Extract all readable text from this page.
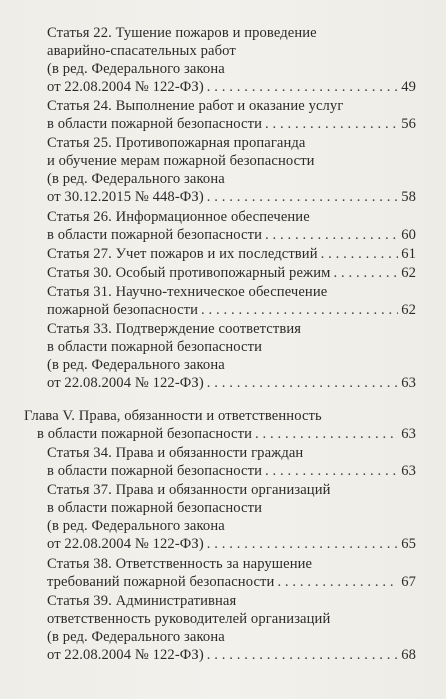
Статья 22. Тушение пожаров и проведение
аварийно-спасательных работ
(в ред. Федерального закона
от 22.08.2004 № 122-ФЗ) . . .	49
Статья 24. Выполнение работ и оказание услуг
в области пожарной безопасности . . .	56
Статья 25. Противопожарная пропаганда
и обучение мерам пожарной безопасности
(в ред. Федерального закона
от 30.12.2015 № 448-ФЗ) . . .	58
Статья 26. Информационное обеспечение
в области пожарной безопасности . . .	60
Статья 27. Учет пожаров и их последствий . . .	61
Статья 30. Особый противопожарный режим . . .	62
Статья 31. Научно-техническое обеспечение
пожарной безопасности . . .	62
Статья 33. Подтверждение соответствия
в области пожарной безопасности
(в ред. Федерального закона
от 22.08.2004 № 122-ФЗ) . . .	63
Глава V. Права, обязанности и ответственность
в области пожарной безопасности . . .	63
Статья 34. Права и обязанности граждан
в области пожарной безопасности . . .	63
Статья 37. Права и обязанности организаций
в области пожарной безопасности
(в ред. Федерального закона
от 22.08.2004 № 122-ФЗ) . . .	65
Статья 38. Ответственность за нарушение
требований пожарной безопасности . . .	67
Статья 39. Административная
ответственность руководителей организаций
(в ред. Федерального закона
от 22.08.2004 № 122-ФЗ) . . .	68
